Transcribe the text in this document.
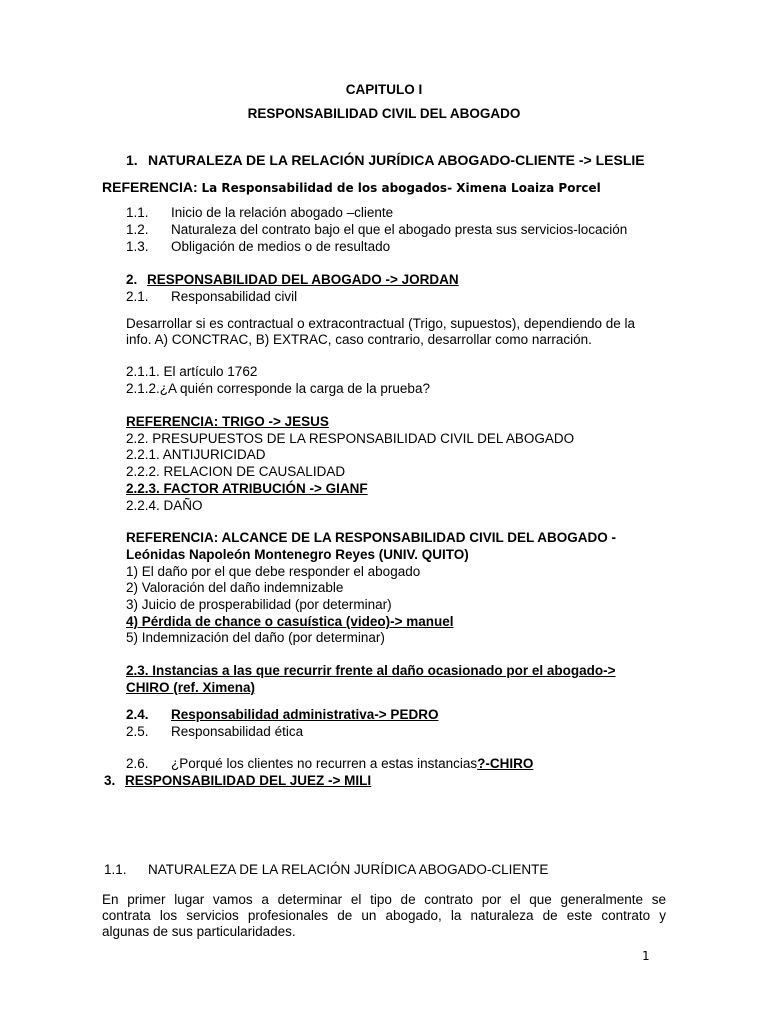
CAPITULO I
RESPONSABILIDAD CIVIL DEL ABOGADO
1. NATURALEZA DE LA RELACIÓN JURÍDICA ABOGADO-CLIENTE -> LESLIE
REFERENCIA: La Responsabilidad de los abogados- Ximena Loaiza Porcel
1.1. Inicio de la relación abogado –cliente
1.2. Naturaleza del contrato bajo el que el abogado presta sus servicios-locación
1.3. Obligación de medios o de resultado
2. RESPONSABILIDAD DEL ABOGADO -> JORDAN
2.1. Responsabilidad civil
Desarrollar si es contractual o extracontractual (Trigo, supuestos), dependiendo de la
info. A) CONCTRAC, B) EXTRAC, caso contrario, desarrollar como narración.
2.1.1. El artículo 1762
2.1.2.¿A quién corresponde la carga de la prueba?
REFERENCIA: TRIGO -> JESUS
2.2. PRESUPUESTOS DE LA RESPONSABILIDAD CIVIL DEL ABOGADO
2.2.1. ANTIJURICIDAD
2.2.2. RELACION DE CAUSALIDAD
2.2.3. FACTOR ATRIBUCIÓN -> GIANF
2.2.4. DAÑO
REFERENCIA: ALCANCE DE LA RESPONSABILIDAD CIVIL DEL ABOGADO -
Leónidas Napoleón Montenegro Reyes (UNIV. QUITO)
1) El daño por el que debe responder el abogado
2) Valoración del daño indemnizable
3) Juicio de prosperabilidad (por determinar)
4) Pérdida de chance o casuística (video)-> manuel
5) Indemnización del daño (por determinar)
2.3. Instancias a las que recurrir frente al daño ocasionado por el abogado->
CHIRO (ref. Ximena)
2.4. Responsabilidad administrativa-> PEDRO
2.5. Responsabilidad ética
2.6. ¿Porqué los clientes no recurren a estas instancias?-CHIRO
3. RESPONSABILIDAD DEL JUEZ -> MILI
1.1. NATURALEZA DE LA RELACIÓN JURÍDICA ABOGADO-CLIENTE
En primer lugar vamos a determinar el tipo de contrato por el que generalmente se
contrata los servicios profesionales de un abogado, la naturaleza de este contrato y
algunas de sus particularidades.
1
